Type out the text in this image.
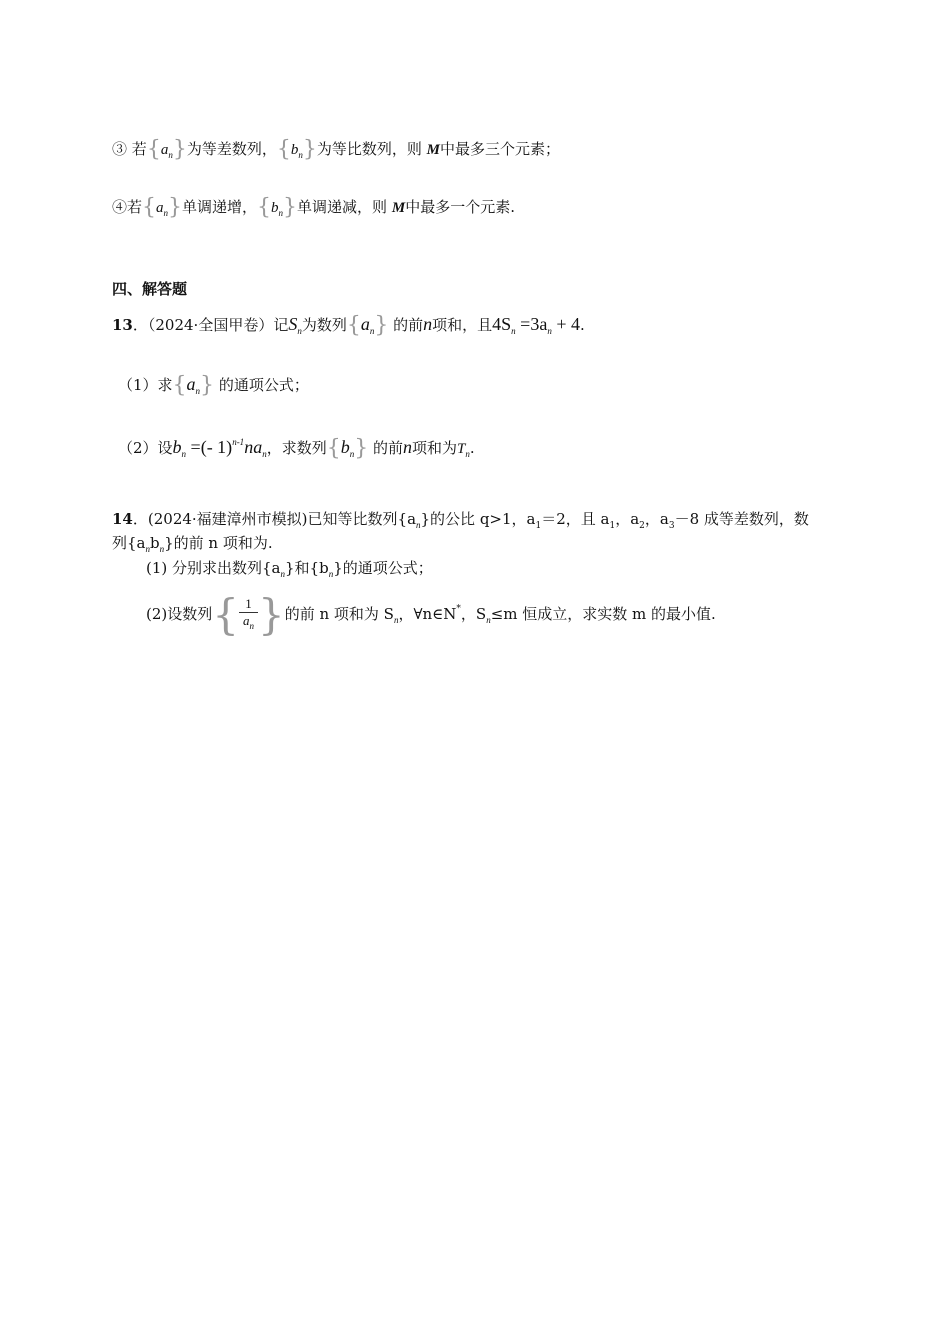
③ 若$\{a_n\}$为等差数列，$\{b_n\}$为等比数列，则 M中最多三个元素；
④若$\{a_n\}$单调递增，$\{b_n\}$单调递减，则 M中最多一个元素.
四、解答题
13．（2024·全国甲卷）记$S_n$为数列$\{a_n\}$ 的前n项和，且$4S_n =3a_n + 4$.
（1）求$\{a_n\}$ 的通项公式；
（2）设$b_n$ =(- $1)^{n-1}na_n$，求数列$\{b_n\}$ 的前n项和为$T_n$.
14．(2024·福建漳州市模拟)已知等比数列$\{a_n\}$的公比 q>1，$a_1=2$，且 $a_1$，$a_2$，$a_3-8$ 成等差数列，数
列$\{a_nb_n\}$的前 n 项和为.
(1) 分别求出数列$\{a_n\}$和$\{b_n\}$的通项公式；
(2)设数列{ $\frac{1}{a_n}$ }的前 n 项和为 $S_n$，∀n∈N*，$S_n\le m$ 恒成立，求实数 m 的最小值.
